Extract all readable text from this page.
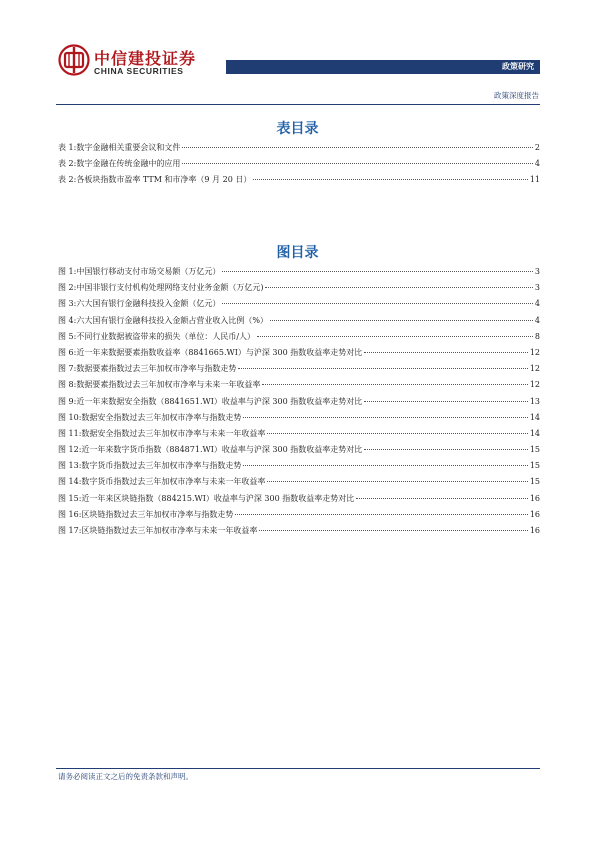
中信建投证券
CHINA SECURITIES	政策研究
政策深度报告
表目录
表 1:数字金融相关重要会议和文件	2
表 2:数字金融在传统金融中的应用	4
表 2:各板块指数市盈率 TTM 和市净率（9 月 20 日）	11
图目录
图 1:中国银行移动支付市场交易额（万亿元）	3
图 2:中国非银行支付机构处理网络支付业务金额（万亿元)	3
图 3:六大国有银行金融科技投入金额（亿元）	4
图 4:六大国有银行金融科技投入金额占营业收入比例（%）	4
图 5:不同行业数据被盗带来的损失（单位：人民币/人）	8
图 6:近一年来数据要素指数收益率（8841665.WI）与沪深 300 指数收益率走势对比	12
图 7:数据要素指数过去三年加权市净率与指数走势	12
图 8:数据要素指数过去三年加权市净率与未来一年收益率	12
图 9:近一年来数据安全指数（8841651.WI）收益率与沪深 300 指数收益率走势对比	13
图 10:数据安全指数过去三年加权市净率与指数走势	14
图 11:数据安全指数过去三年加权市净率与未来一年收益率	14
图 12:近一年来数字货币指数（884871.WI）收益率与沪深 300 指数收益率走势对比	15
图 13:数字货币指数过去三年加权市净率与指数走势	15
图 14:数字货币指数过去三年加权市净率与未来一年收益率	15
图 15:近一年来区块链指数（884215.WI）收益率与沪深 300 指数收益率走势对比	16
图 16:区块链指数过去三年加权市净率与指数走势	16
图 17:区块链指数过去三年加权市净率与未来一年收益率	16
请务必阅读正文之后的免责条款和声明。
